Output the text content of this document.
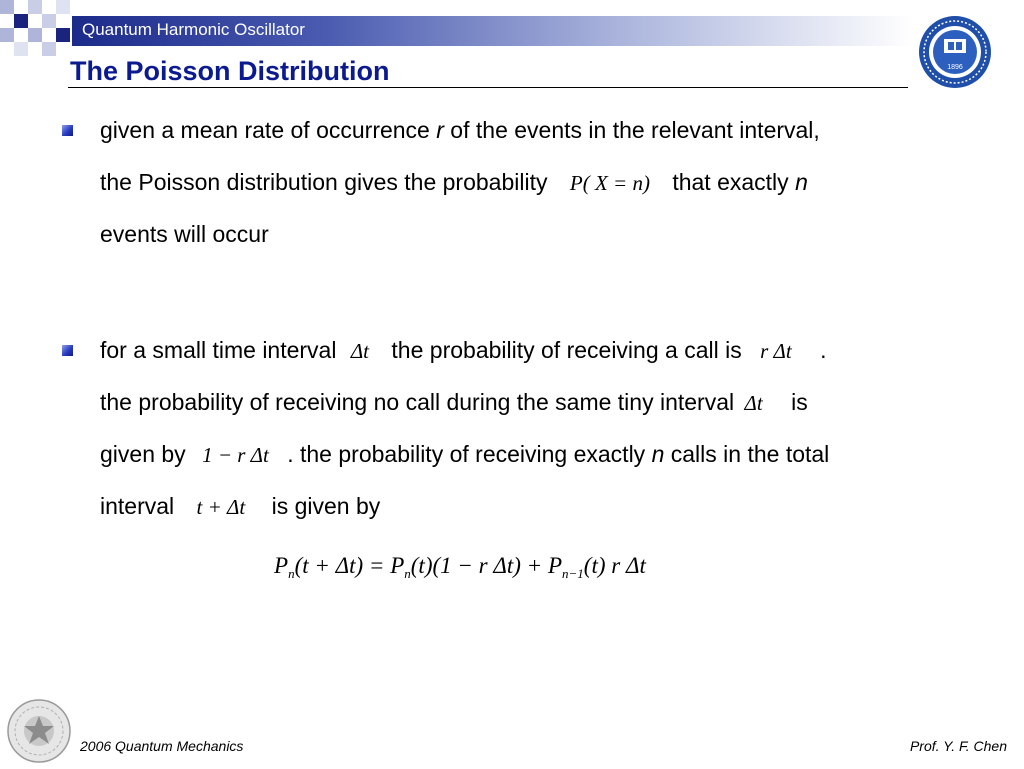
Quantum Harmonic Oscillator
1896
The Poisson Distribution
given a mean rate of occurrence r of the events in the relevant interval,
the Poisson distribution gives the probability P( X = n) that exactly n
events will occur
for a small time interval Δt the probability of receiving a call is r Δt .
the probability of receiving no call during the same tiny interval Δt is
given by 1 − r Δt . the probability of receiving exactly n calls in the total
interval t + Δt is given by
$P_n(t + \Delta t) = P_n(t)(1 - r$ $\Delta t) + P_{n-1}(t)$ r Δt
2006 Quantum Mechanics	Prof. Y. F. Chen
